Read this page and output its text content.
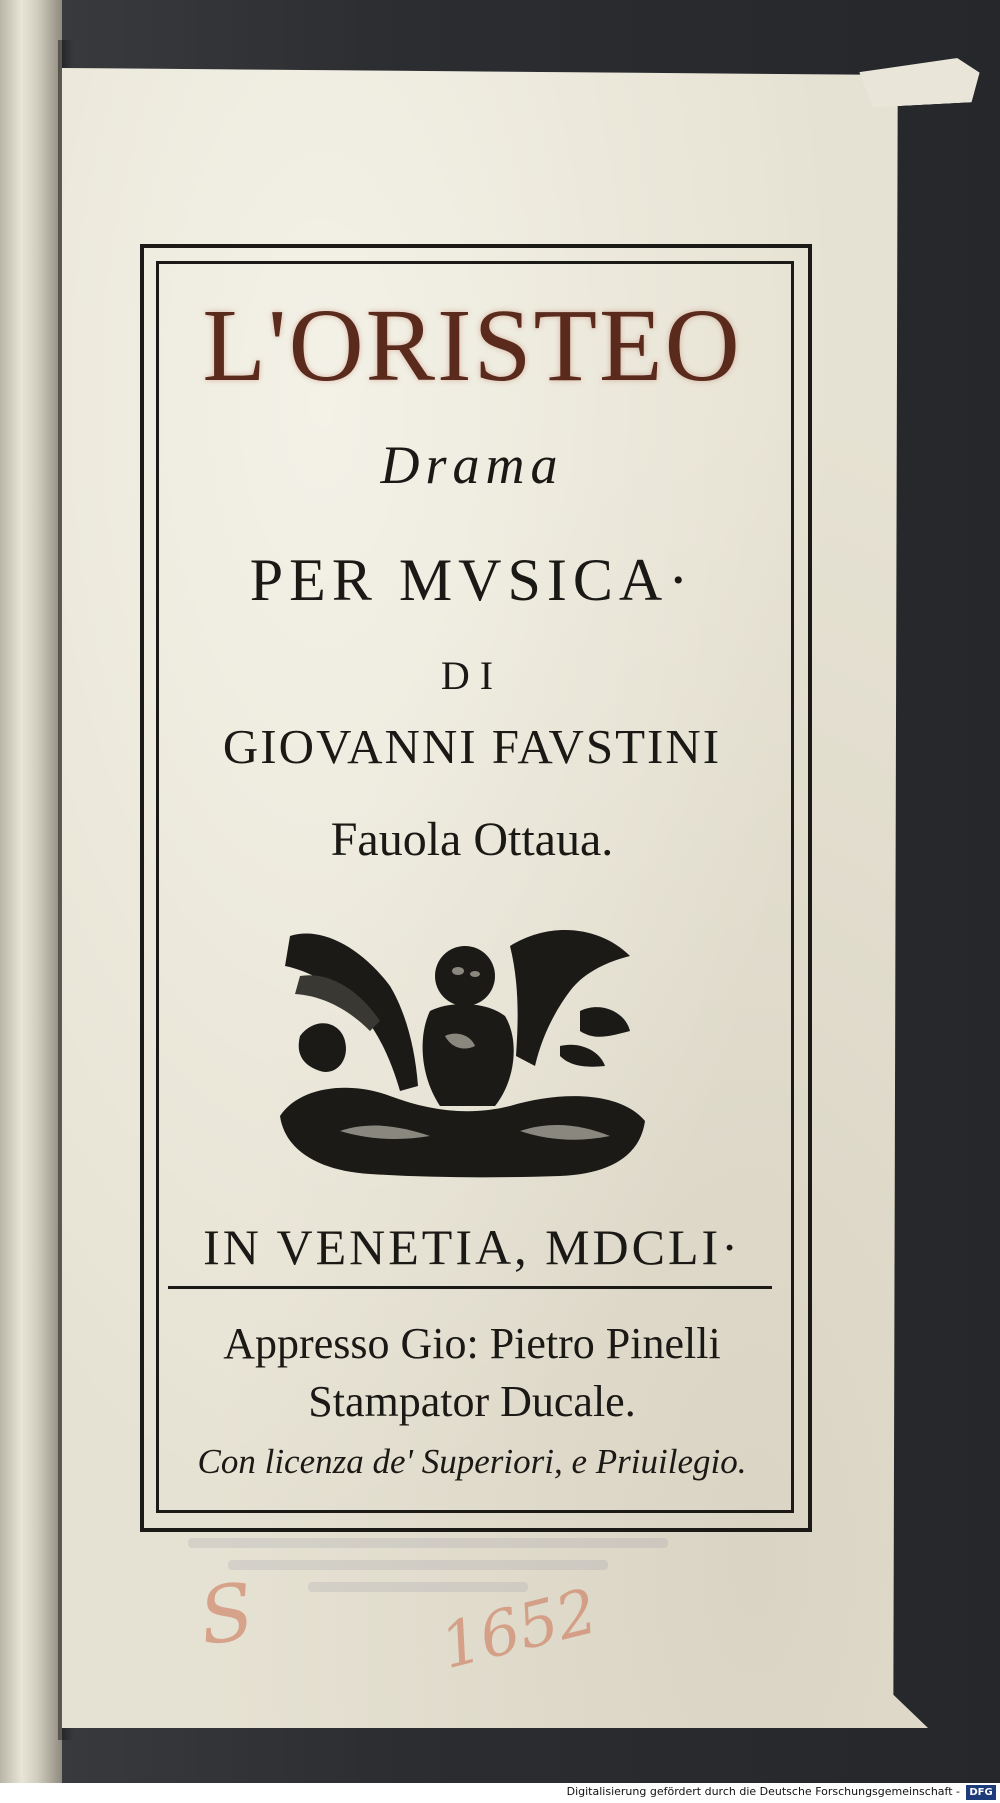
L'ORISTEO

Drama

PER MVSICA·

DI

GIOVANNI FAVSTINI

Fauola Ottaua.

IN VENETIA, MDCLI·

Appresso Gio: Pietro Pinelli

Stampator Ducale.

Con licenza de' Superiori, e Priuilegio.

S	1652
Digitalisierung gefördert durch die Deutsche Forschungsgemeinschaft - DFG
